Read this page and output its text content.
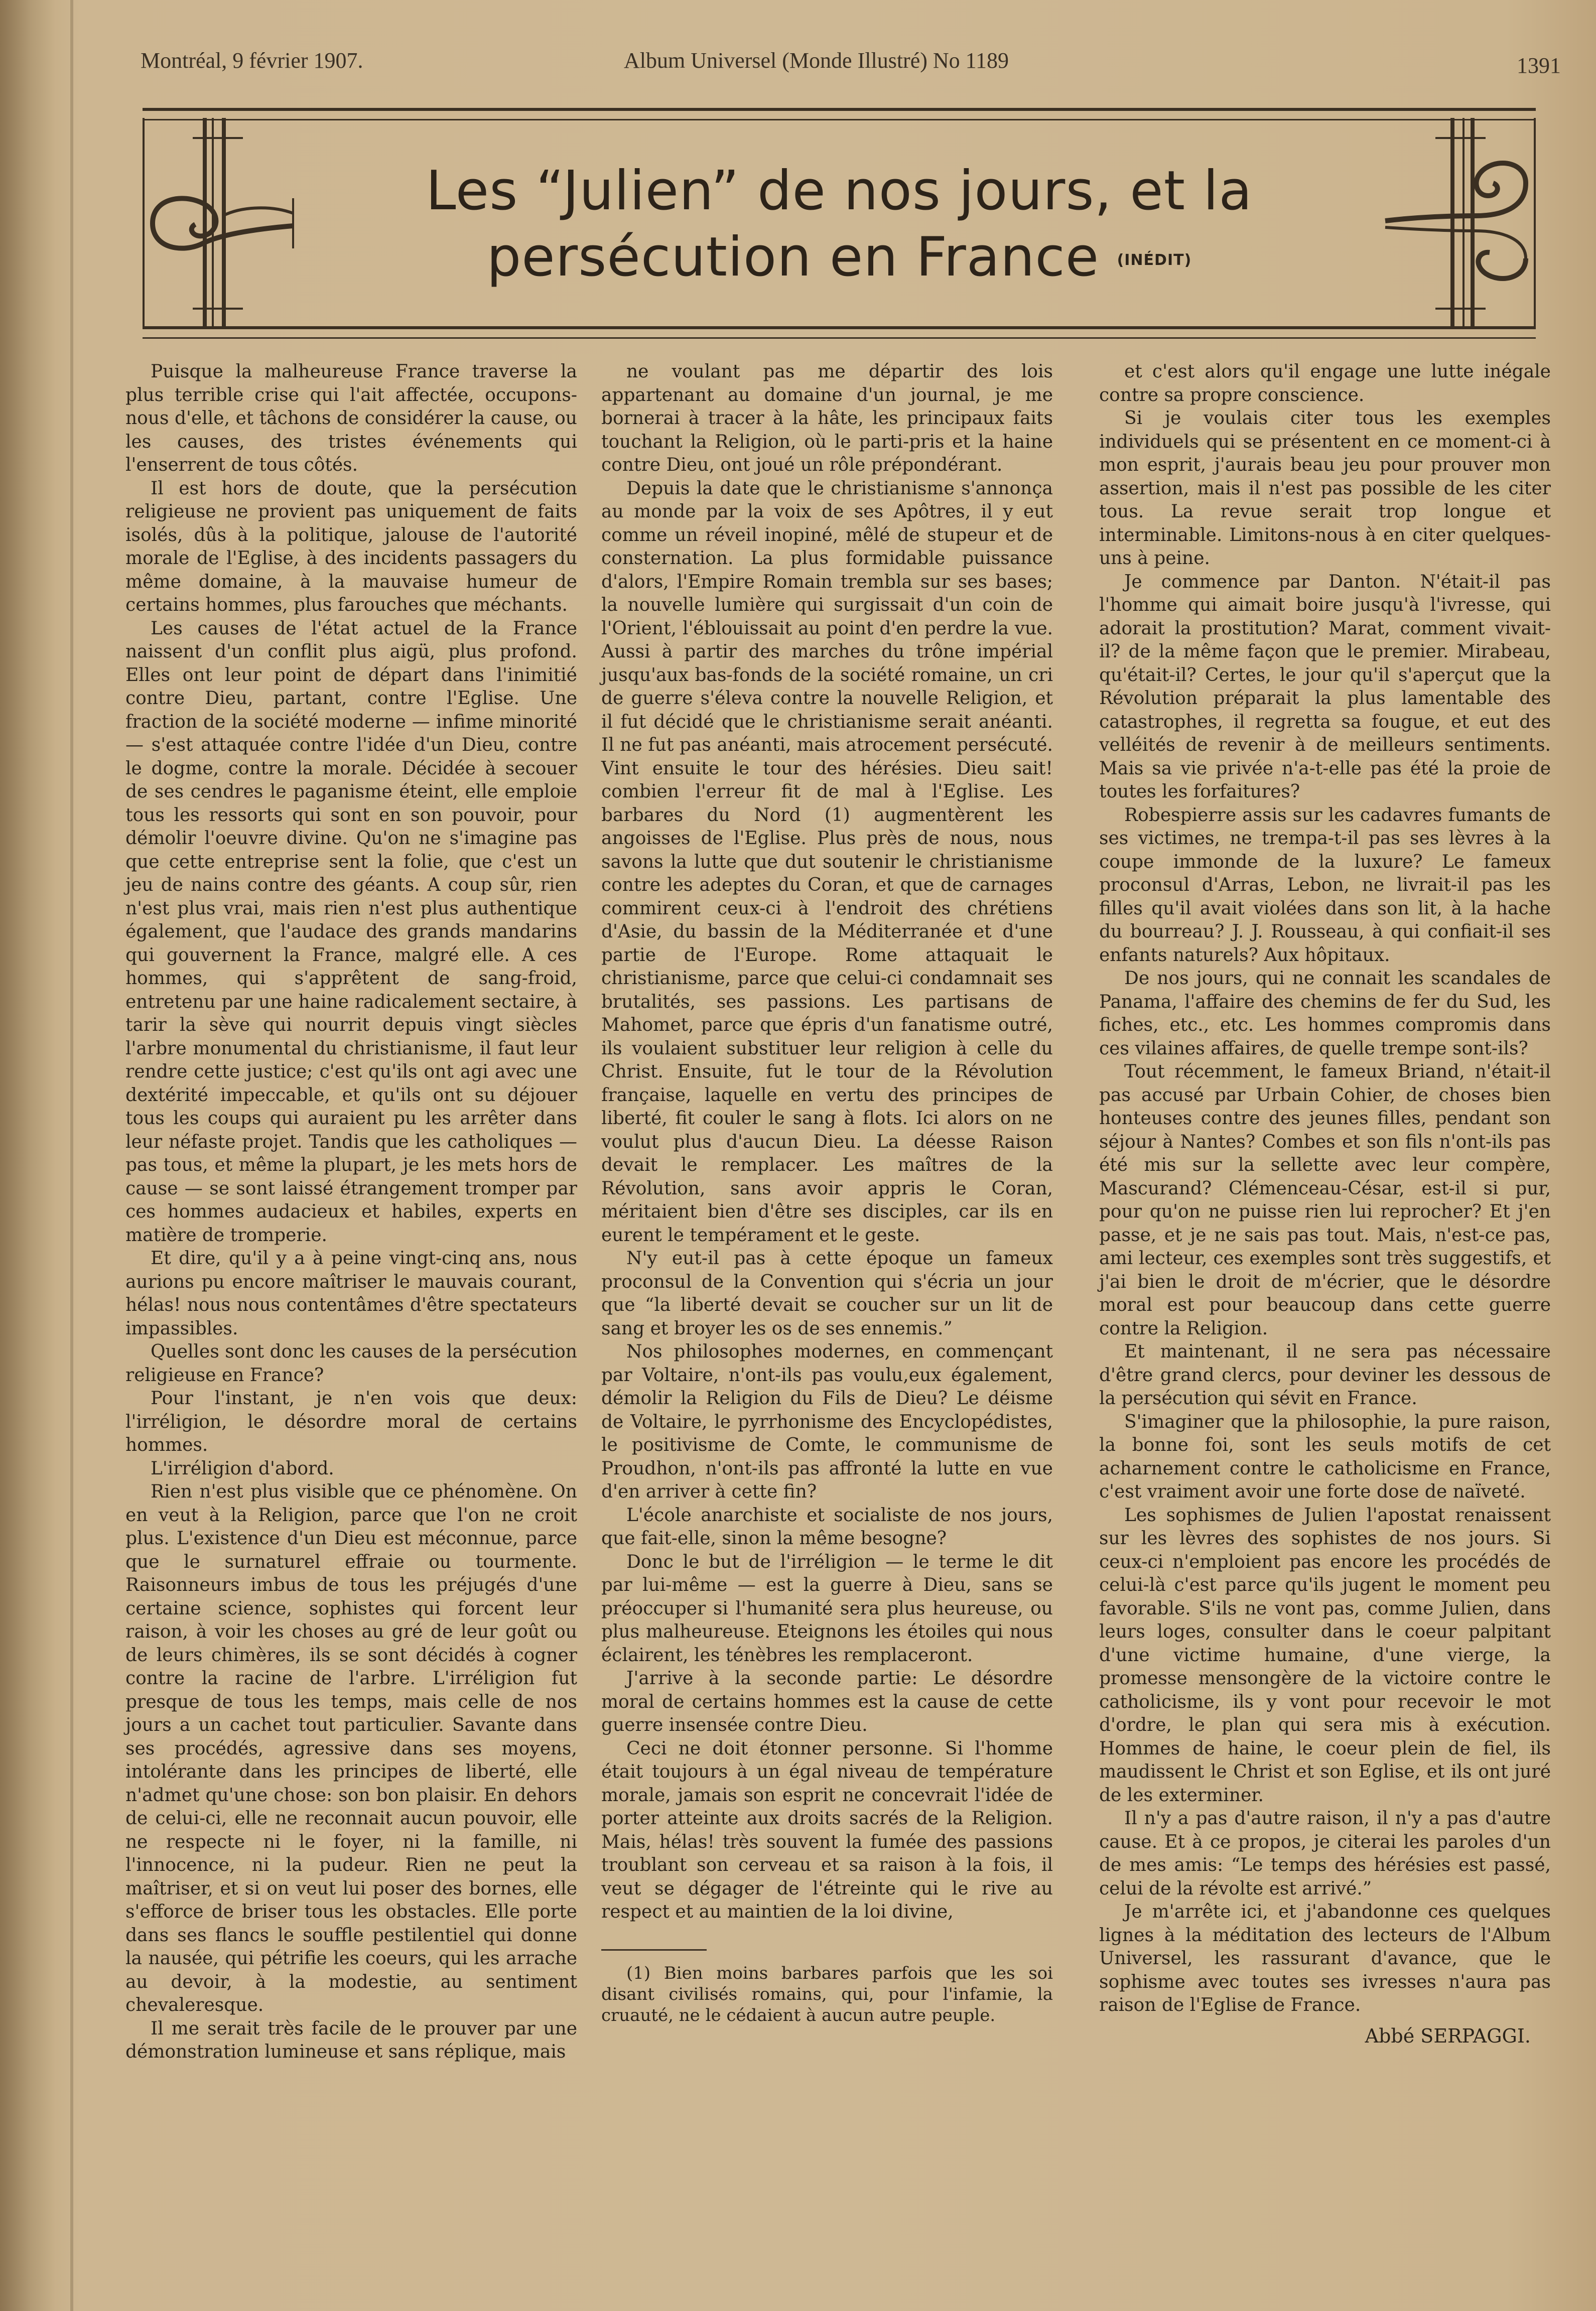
Montréal, 9 février 1907.	Album Universel (Monde Illustré) No 1189	1391
Les “Julien” de nos jours, et la
persécution en France (INÉDIT)

Puisque la malheureuse France traverse la plus terrible crise qui l'ait affectée, occupons-nous d'elle, et tâchons de considérer la cause, ou les causes, des tristes événements qui l'enserrent de tous côtés.

Il est hors de doute, que la persécution religieuse ne provient pas uniquement de faits isolés, dûs à la politique, jalouse de l'autorité morale de l'Eglise, à des incidents passagers du même domaine, à la mauvaise humeur de certains hommes, plus farouches que méchants.

Les causes de l'état actuel de la France naissent d'un conflit plus aigü, plus profond. Elles ont leur point de départ dans l'inimitié contre Dieu, partant, contre l'Eglise. Une fraction de la société moderne — infime minorité — s'est attaquée contre l'idée d'un Dieu, contre le dogme, contre la morale. Décidée à secouer de ses cendres le paganisme éteint, elle emploie tous les ressorts qui sont en son pouvoir, pour démolir l'oeuvre divine. Qu'on ne s'imagine pas que cette entreprise sent la folie, que c'est un jeu de nains contre des géants. A coup sûr, rien n'est plus vrai, mais rien n'est plus authentique également, que l'audace des grands mandarins qui gouvernent la France, malgré elle. A ces hommes, qui s'apprêtent de sang-froid, entretenu par une haine radicalement sectaire, à tarir la sève qui nourrit depuis vingt siècles l'arbre monumental du christianisme, il faut leur rendre cette justice; c'est qu'ils ont agi avec une dextérité impeccable, et qu'ils ont su déjouer tous les coups qui auraient pu les arrêter dans leur néfaste projet. Tandis que les catholiques —pas tous, et même la plupart, je les mets hors de cause — se sont laissé étrangement tromper par ces hommes audacieux et habiles, experts en matière de tromperie.

Et dire, qu'il y a à peine vingt-cinq ans, nous aurions pu encore maîtriser le mauvais courant, hélas! nous nous contentâmes d'être spectateurs impassibles.

Quelles sont donc les causes de la persécution religieuse en France?

Pour l'instant, je n'en vois que deux: l'irréligion, le désordre moral de certains hommes.

L'irréligion d'abord.

Rien n'est plus visible que ce phénomène. On en veut à la Religion, parce que l'on ne croit plus. L'existence d'un Dieu est méconnue, parce que le surnaturel effraie ou tourmente. Raisonneurs imbus de tous les préjugés d'une certaine science, sophistes qui forcent leur raison, à voir les choses au gré de leur goût ou de leurs chimères, ils se sont décidés à cogner contre la racine de l'arbre. L'irréligion fut presque de tous les temps, mais celle de nos jours a un cachet tout particulier. Savante dans ses procédés, agressive dans ses moyens, intolérante dans les principes de liberté, elle n'admet qu'une chose: son bon plaisir. En dehors de celui-ci, elle ne reconnait aucun pouvoir, elle ne respecte ni le foyer, ni la famille, ni l'innocence, ni la pudeur. Rien ne peut la maîtriser, et si on veut lui poser des bornes, elle s'efforce de briser tous les obstacles. Elle porte dans ses flancs le souffle pestilentiel qui donne la nausée, qui pétrifie les coeurs, qui les arrache au devoir, à la modestie, au sentiment chevaleresque.

Il me serait très facile de le prouver par une démonstration lumineuse et sans réplique, mais

ne voulant pas me départir des lois appartenant au domaine d'un journal, je me bornerai à tracer à la hâte, les principaux faits touchant la Religion, où le parti-pris et la haine contre Dieu, ont joué un rôle prépondérant.

Depuis la date que le christianisme s'annonça au monde par la voix de ses Apôtres, il y eut comme un réveil inopiné, mêlé de stupeur et de consternation. La plus formidable puissance d'alors, l'Empire Romain trembla sur ses bases; la nouvelle lumière qui surgissait d'un coin de l'Orient, l'éblouissait au point d'en perdre la vue. Aussi à partir des marches du trône impérial jusqu'aux bas-fonds de la société romaine, un cri de guerre s'éleva contre la nouvelle Religion, et il fut décidé que le christianisme serait anéanti. Il ne fut pas anéanti, mais atrocement persécuté. Vint ensuite le tour des hérésies. Dieu sait! combien l'erreur fit de mal à l'Eglise. Les barbares du Nord (1) augmentèrent les angoisses de l'Eglise. Plus près de nous, nous savons la lutte que dut soutenir le christianisme contre les adeptes du Coran, et que de carnages commirent ceux-ci à l'endroit des chrétiens d'Asie, du bassin de la Méditerranée et d'une partie de l'Europe. Rome attaquait le christianisme, parce que celui-ci condamnait ses brutalités, ses passions. Les partisans de Mahomet, parce que épris d'un fanatisme outré, ils voulaient substituer leur religion à celle du Christ. Ensuite, fut le tour de la Révolution française, laquelle en vertu des principes de liberté, fit couler le sang à flots. Ici alors on ne voulut plus d'aucun Dieu. La déesse Raison devait le remplacer. Les maîtres de la Révolution, sans avoir appris le Coran, méritaient bien d'être ses disciples, car ils en eurent le tempérament et le geste.

N'y eut-il pas à cette époque un fameux proconsul de la Convention qui s'écria un jour que “la liberté devait se coucher sur un lit de sang et broyer les os de ses ennemis.”

Nos philosophes modernes, en commençant par Voltaire, n'ont-ils pas voulu,eux également, démolir la Religion du Fils de Dieu? Le déisme de Voltaire, le pyrrhonisme des Encyclopédistes, le positivisme de Comte, le communisme de Proudhon, n'ont-ils pas affronté la lutte en vue d'en arriver à cette fin?

L'école anarchiste et socialiste de nos jours, que fait-elle, sinon la même besogne?

Donc le but de l'irréligion — le terme le dit par lui-même — est la guerre à Dieu, sans se préoccuper si l'humanité sera plus heureuse, ou plus malheureuse. Eteignons les étoiles qui nous éclairent, les ténèbres les remplaceront.

J'arrive à la seconde partie: Le désordre moral de certains hommes est la cause de cette guerre insensée contre Dieu.

Ceci ne doit étonner personne. Si l'homme était toujours à un égal niveau de température morale, jamais son esprit ne concevrait l'idée de porter atteinte aux droits sacrés de la Religion. Mais, hélas! très souvent la fumée des passions troublant son cerveau et sa raison à la fois, il veut se dégager de l'étreinte qui le rive au respect et au maintien de la loi divine,

(1) Bien moins barbares parfois que les soi disant civilisés romains, qui, pour l'infamie, la cruauté, ne le cédaient à aucun autre peuple.

et c'est alors qu'il engage une lutte inégale contre sa propre conscience.

Si je voulais citer tous les exemples individuels qui se présentent en ce moment-ci à mon esprit, j'aurais beau jeu pour prouver mon assertion, mais il n'est pas possible de les citer tous. La revue serait trop longue et interminable. Limitons-nous à en citer quelques-uns à peine.

Je commence par Danton. N'était-il pas l'homme qui aimait boire jusqu'à l'ivresse, qui adorait la prostitution? Marat, comment vivait-il? de la même façon que le premier. Mirabeau, qu'était-il? Certes, le jour qu'il s'aperçut que la Révolution préparait la plus lamentable des catastrophes, il regretta sa fougue, et eut des velléités de revenir à de meilleurs sentiments. Mais sa vie privée n'a-t-elle pas été la proie de toutes les forfaitures?

Robespierre assis sur les cadavres fumants de ses victimes, ne trempa-t-il pas ses lèvres à la coupe immonde de la luxure? Le fameux proconsul d'Arras, Lebon, ne livrait-il pas les filles qu'il avait violées dans son lit, à la hache du bourreau? J. J. Rousseau, à qui confiait-il ses enfants naturels? Aux hôpitaux.

De nos jours, qui ne connait les scandales de Panama, l'affaire des chemins de fer du Sud, les fiches, etc., etc. Les hommes compromis dans ces vilaines affaires, de quelle trempe sont-ils?

Tout récemment, le fameux Briand, n'était-il pas accusé par Urbain Cohier, de choses bien honteuses contre des jeunes filles, pendant son séjour à Nantes? Combes et son fils n'ont-ils pas été mis sur la sellette avec leur compère, Mascurand? Clémenceau-César, est-il si pur, pour qu'on ne puisse rien lui reprocher? Et j'en passe, et je ne sais pas tout. Mais, n'est-ce pas, ami lecteur, ces exemples sont très suggestifs, et j'ai bien le droit de m'écrier, que le désordre moral est pour beaucoup dans cette guerre contre la Religion.

Et maintenant, il ne sera pas nécessaire d'être grand clercs, pour deviner les dessous de la persécution qui sévit en France.

S'imaginer que la philosophie, la pure raison, la bonne foi, sont les seuls motifs de cet acharnement contre le catholicisme en France, c'est vraiment avoir une forte dose de naïveté.

Les sophismes de Julien l'apostat renaissent sur les lèvres des sophistes de nos jours. Si ceux-ci n'emploient pas encore les procédés de celui-là c'est parce qu'ils jugent le moment peu favorable. S'ils ne vont pas, comme Julien, dans leurs loges, consulter dans le coeur palpitant d'une victime humaine, d'une vierge, la promesse mensongère de la victoire contre le catholicisme, ils y vont pour recevoir le mot d'ordre, le plan qui sera mis à exécution. Hommes de haine, le coeur plein de fiel, ils maudissent le Christ et son Eglise, et ils ont juré de les exterminer.

Il n'y a pas d'autre raison, il n'y a pas d'autre cause. Et à ce propos, je citerai les paroles d'un de mes amis: “Le temps des hérésies est passé, celui de la révolte est arrivé.”

Je m'arrête ici, et j'abandonne ces quelques lignes à la méditation des lecteurs de l'Album Universel, les rassurant d'avance, que le sophisme avec toutes ses ivresses n'aura pas raison de l'Eglise de France.

Abbé SERPAGGI.
